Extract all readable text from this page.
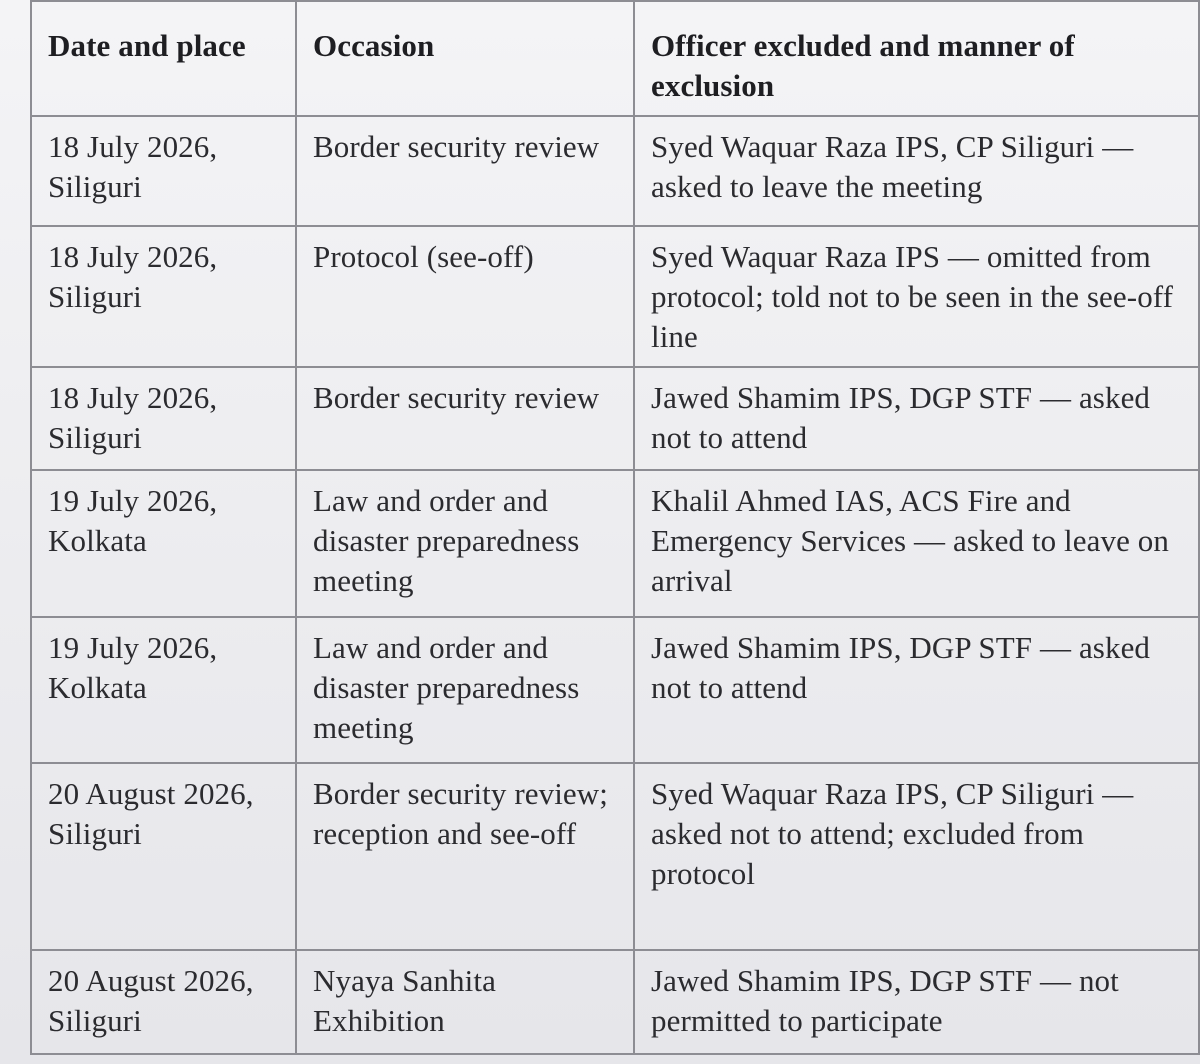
Date and place	Occasion	Officer excluded and manner of exclusion
18 July 2026, Siliguri	Border security review	Syed Waquar Raza IPS, CP Siliguri — asked to leave the meeting
18 July 2026, Siliguri	Protocol (see-off)	Syed Waquar Raza IPS — omitted from protocol; told not to be seen in the see-off line
18 July 2026, Siliguri	Border security review	Jawed Shamim IPS, DGP STF — asked not to attend
19 July 2026, Kolkata	Law and order and disaster preparedness meeting	Khalil Ahmed IAS, ACS Fire and Emergency Services — asked to leave on arrival
19 July 2026, Kolkata	Law and order and disaster preparedness meeting	Jawed Shamim IPS, DGP STF — asked not to attend
20 August 2026, Siliguri	Border security review; reception and see-off	Syed Waquar Raza IPS, CP Siliguri — asked not to attend; excluded from protocol
20 August 2026, Siliguri	Nyaya Sanhita Exhibition	Jawed Shamim IPS, DGP STF — not permitted to participate
